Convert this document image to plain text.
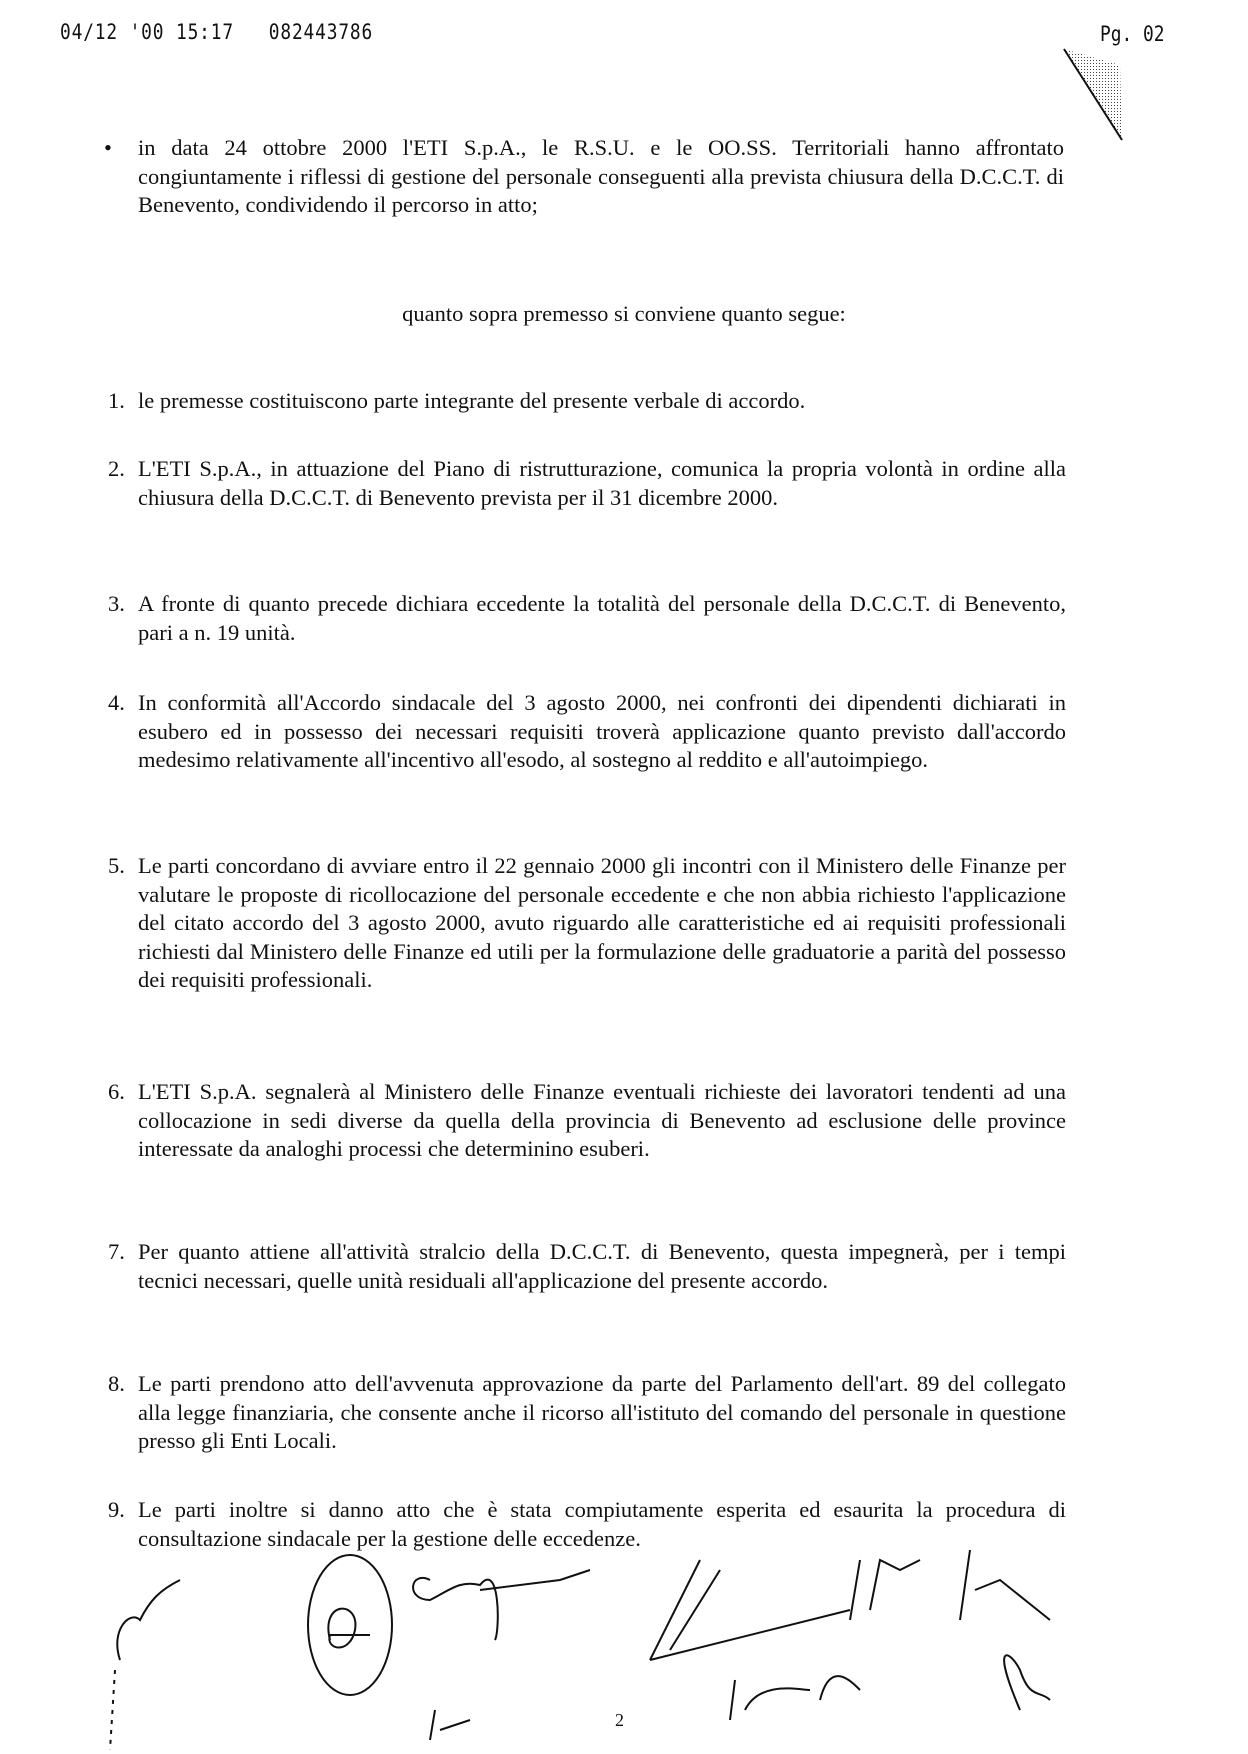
04/12 '00 15:17 082443786	Pg. 02
• in data 24 ottobre 2000 l'ETI S.p.A., le R.S.U. e le OO.SS. Territoriali hanno affrontato congiuntamente i riflessi di gestione del personale conseguenti alla prevista chiusura della D.C.C.T. di Benevento, condividendo il percorso in atto;
quanto sopra premesso si conviene quanto segue:
1. le premesse costituiscono parte integrante del presente verbale di accordo.
2. L'ETI S.p.A., in attuazione del Piano di ristrutturazione, comunica la propria volontà in ordine alla chiusura della D.C.C.T. di Benevento prevista per il 31 dicembre 2000.
3. A fronte di quanto precede dichiara eccedente la totalità del personale della D.C.C.T. di Benevento, pari a n. 19 unità.
4. In conformità all'Accordo sindacale del 3 agosto 2000, nei confronti dei dipendenti dichiarati in esubero ed in possesso dei necessari requisiti troverà applicazione quanto previsto dall'accordo medesimo relativamente all'incentivo all'esodo, al sostegno al reddito e all'autoimpiego.
5. Le parti concordano di avviare entro il 22 gennaio 2000 gli incontri con il Ministero delle Finanze per valutare le proposte di ricollocazione del personale eccedente e che non abbia richiesto l'applicazione del citato accordo del 3 agosto 2000, avuto riguardo alle caratteristiche ed ai requisiti professionali richiesti dal Ministero delle Finanze ed utili per la formulazione delle graduatorie a parità del possesso dei requisiti professionali.
6. L'ETI S.p.A. segnalerà al Ministero delle Finanze eventuali richieste dei lavoratori tendenti ad una collocazione in sedi diverse da quella della provincia di Benevento ad esclusione delle province interessate da analoghi processi che determinino esuberi.
7. Per quanto attiene all'attività stralcio della D.C.C.T. di Benevento, questa impegnerà, per i tempi tecnici necessari, quelle unità residuali all'applicazione del presente accordo.
8. Le parti prendono atto dell'avvenuta approvazione da parte del Parlamento dell'art. 89 del collegato alla legge finanziaria, che consente anche il ricorso all'istituto del comando del personale in questione presso gli Enti Locali.
9. Le parti inoltre si danno atto che è stata compiutamente esperita ed esaurita la procedura di consultazione sindacale per la gestione delle eccedenze.
2
